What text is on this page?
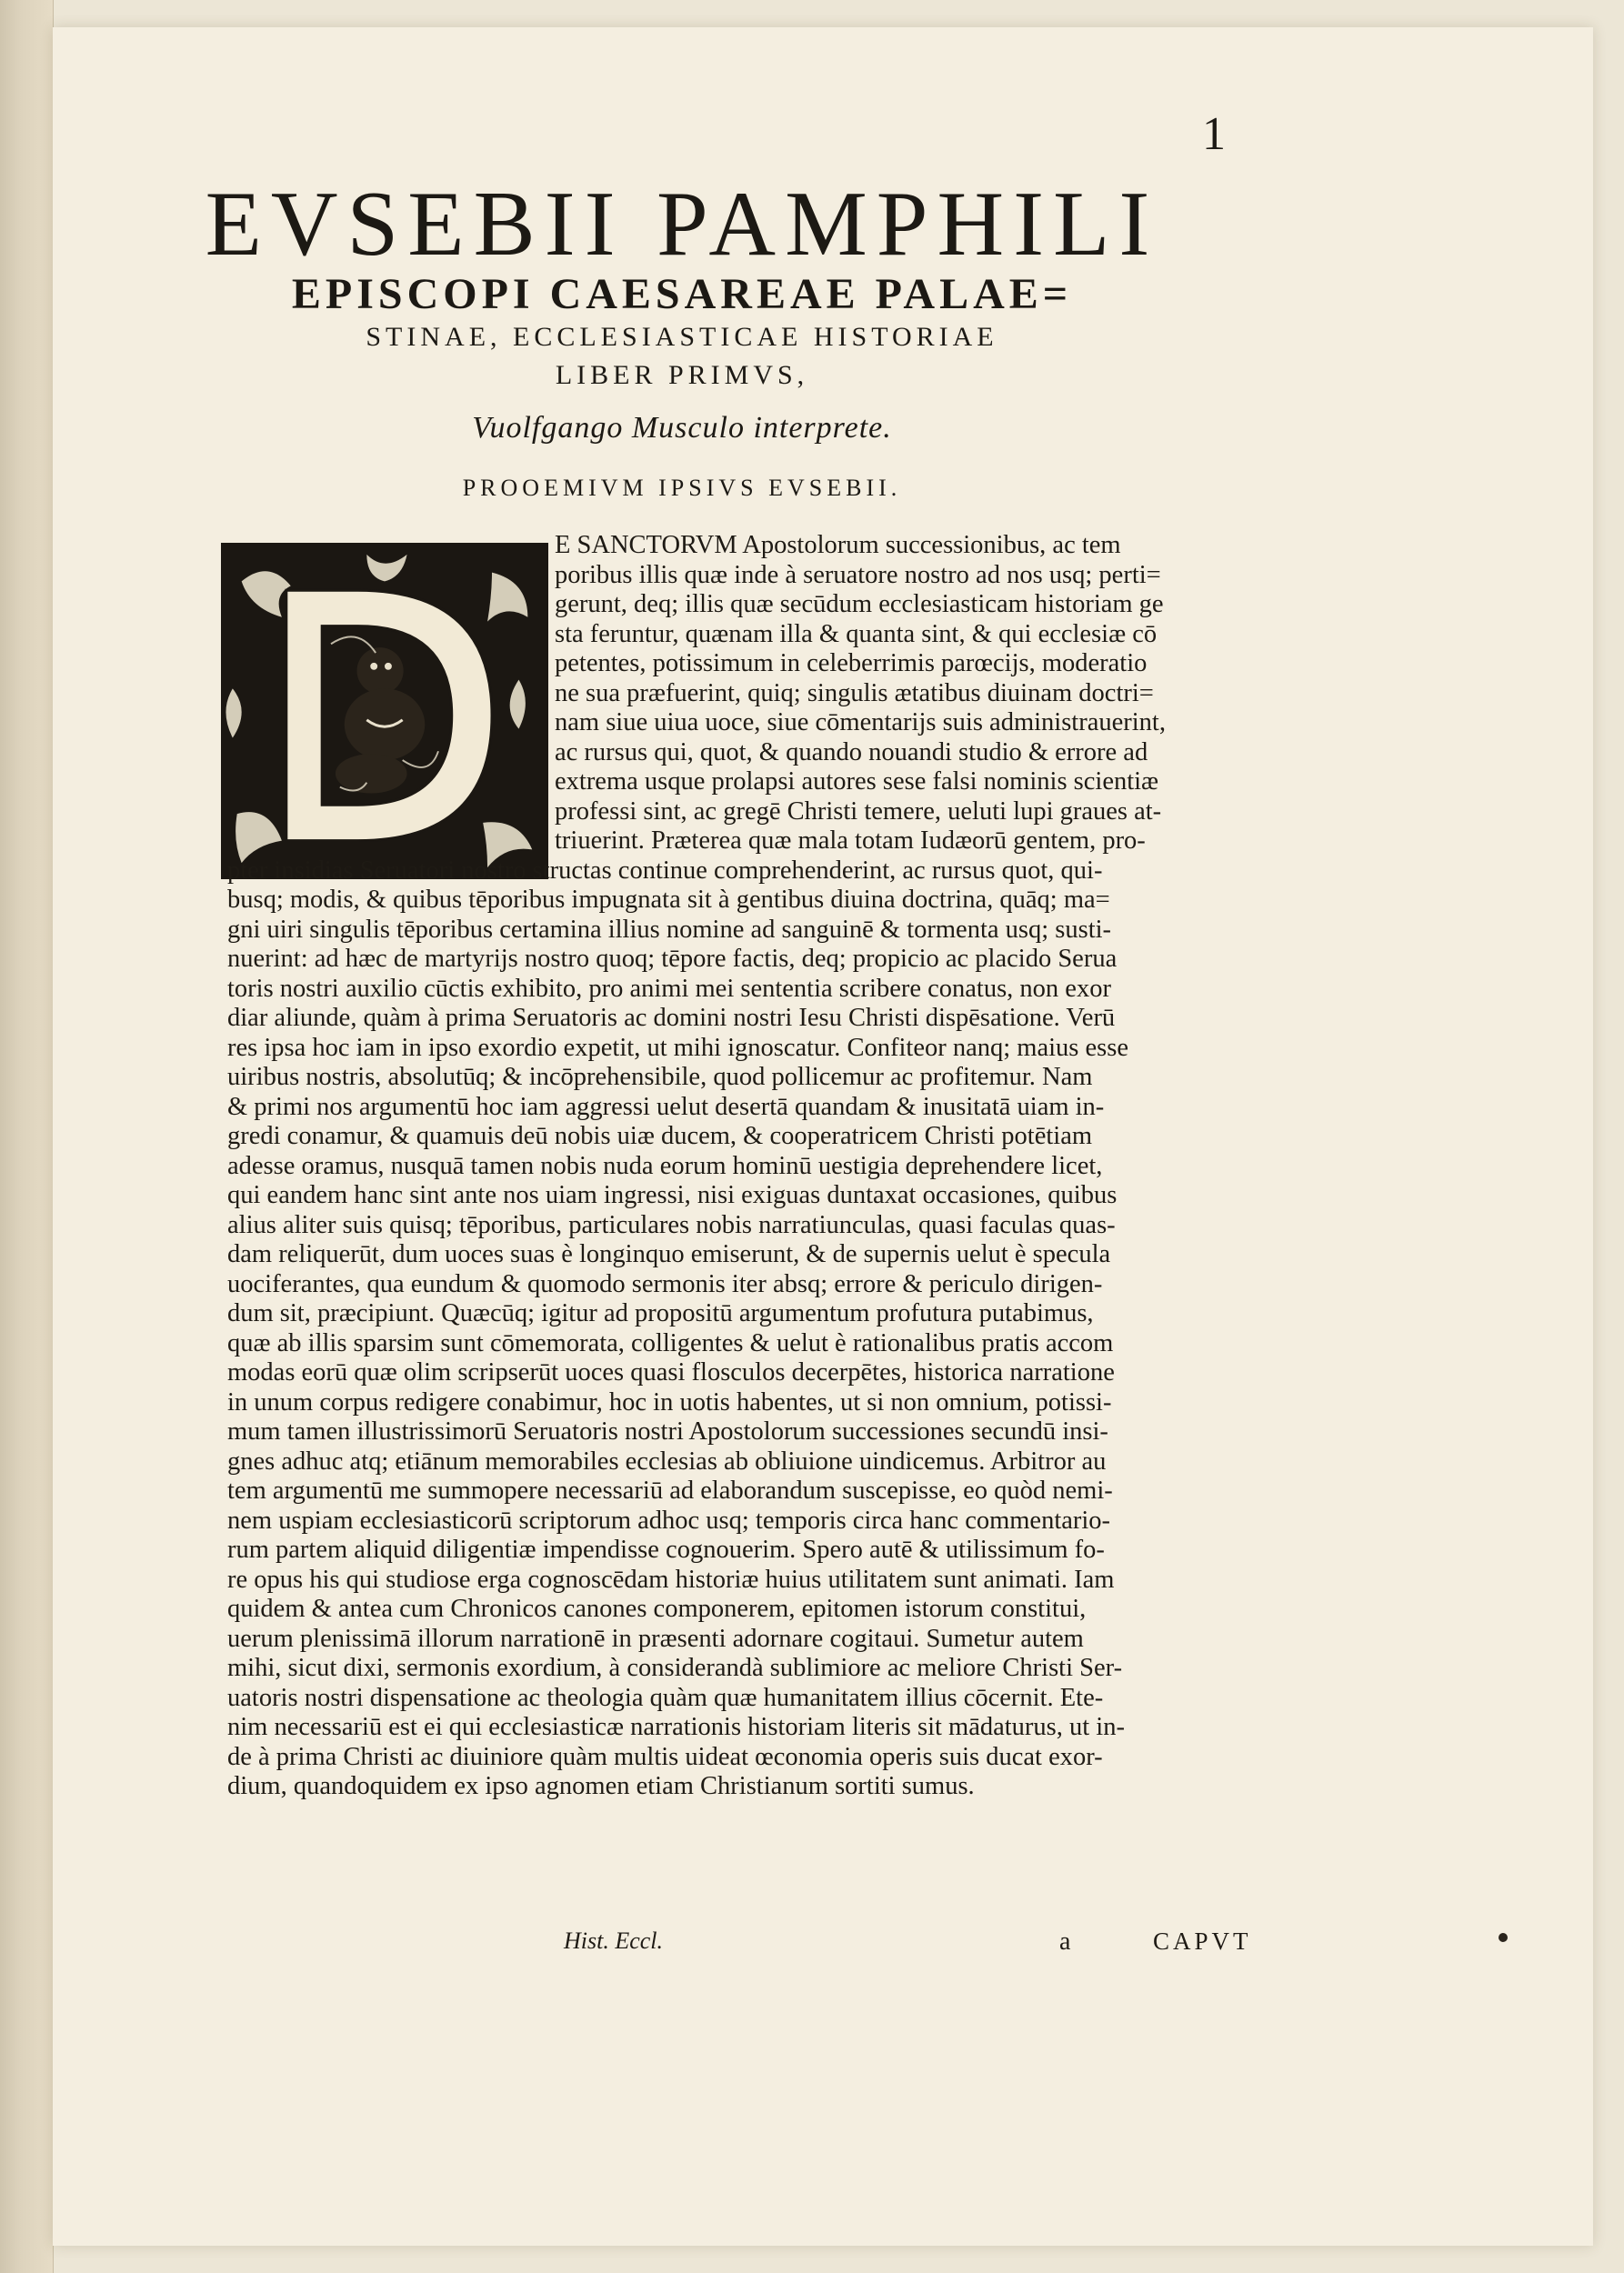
1
EVSEBII PAMPHILI
EPISCOPI CAESAREAE PALAE=
STINAE, ECCLESIASTICAE HISTORIAE
LIBER PRIMVS,
Vuolfgango Musculo interprete.
PROOEMIVM IPSIVS EVSEBII.
E SANCTORVM Apostolorum successionibus, ac tem
poribus illis quæ inde à seruatore nostro ad nos usq; perti=
gerunt, deq; illis quæ secūdum ecclesiasticam historiam ge
sta feruntur, quænam illa & quanta sint, & qui ecclesiæ cō
petentes, potissimum in celeberrimis parœcijs, moderatio
ne sua præfuerint, quiq; singulis ætatibus diuinam doctri=
nam siue uiua uoce, siue cōmentarijs suis administrauerint,
ac rursus qui, quot, & quando nouandi studio & errore ad
extrema usque prolapsi autores sese falsi nominis scientiæ
professi sint, ac gregē Christi temere, ueluti lupi graues at-
triuerint. Præterea quæ mala totam Iudæorū gentem, pro-
pter insidias Seruatori nostro structas continue comprehenderint, ac rursus quot, qui-
busq; modis, & quibus tēporibus impugnata sit à gentibus diuina doctrina, quāq; ma=
gni uiri singulis tēporibus certamina illius nomine ad sanguinē & tormenta usq; susti-
nuerint: ad hæc de martyrijs nostro quoq; tēpore factis, deq; propicio ac placido Serua
toris nostri auxilio cūctis exhibito, pro animi mei sententia scribere conatus, non exor
diar aliunde, quàm à prima Seruatoris ac domini nostri Iesu Christi dispēsatione. Verū
res ipsa hoc iam in ipso exordio expetit, ut mihi ignoscatur. Confiteor nanq; maius esse
uiribus nostris, absolutūq; & incōprehensibile, quod pollicemur ac profitemur. Nam
& primi nos argumentū hoc iam aggressi uelut desertā quandam & inusitatā uiam in-
gredi conamur, & quamuis deū nobis uiæ ducem, & cooperatricem Christi potētiam
adesse oramus, nusquā tamen nobis nuda eorum hominū uestigia deprehendere licet,
qui eandem hanc sint ante nos uiam ingressi, nisi exiguas duntaxat occasiones, quibus
alius aliter suis quisq; tēporibus, particulares nobis narratiunculas, quasi faculas quas-
dam reliquerūt, dum uoces suas è longinquo emiserunt, & de supernis uelut è specula
uociferantes, qua eundum & quomodo sermonis iter absq; errore & periculo dirigen-
dum sit, præcipiunt. Quæcūq; igitur ad propositū argumentum profutura putabimus,
quæ ab illis sparsim sunt cōmemorata, colligentes & uelut è rationalibus pratis accom
modas eorū quæ olim scripserūt uoces quasi flosculos decerpētes, historica narratione
in unum corpus redigere conabimur, hoc in uotis habentes, ut si non omnium, potissi-
mum tamen illustrissimorū Seruatoris nostri Apostolorum successiones secundū insi-
gnes adhuc atq; etiānum memorabiles ecclesias ab obliuione uindicemus. Arbitror au
tem argumentū me summopere necessariū ad elaborandum suscepisse, eo quòd nemi-
nem uspiam ecclesiasticorū scriptorum adhoc usq; temporis circa hanc commentario-
rum partem aliquid diligentiæ impendisse cognouerim. Spero autē & utilissimum fo-
re opus his qui studiose erga cognoscēdam historiæ huius utilitatem sunt animati. Iam
quidem & antea cum Chronicos canones componerem, epitomen istorum constitui,
uerum plenissimā illorum narrationē in præsenti adornare cogitaui. Sumetur autem
mihi, sicut dixi, sermonis exordium, à considerandà sublimiore ac meliore Christi Ser-
uatoris nostri dispensatione ac theologia quàm quæ humanitatem illius cōcernit. Ete-
nim necessariū est ei qui ecclesiasticæ narrationis historiam literis sit mādaturus, ut in-
de à prima Christi ac diuiniore quàm multis uideat œconomia operis suis ducat exor-
dium, quandoquidem ex ipso agnomen etiam Christianum sortiti sumus.
Hist. Eccl.	a	CAPVT
